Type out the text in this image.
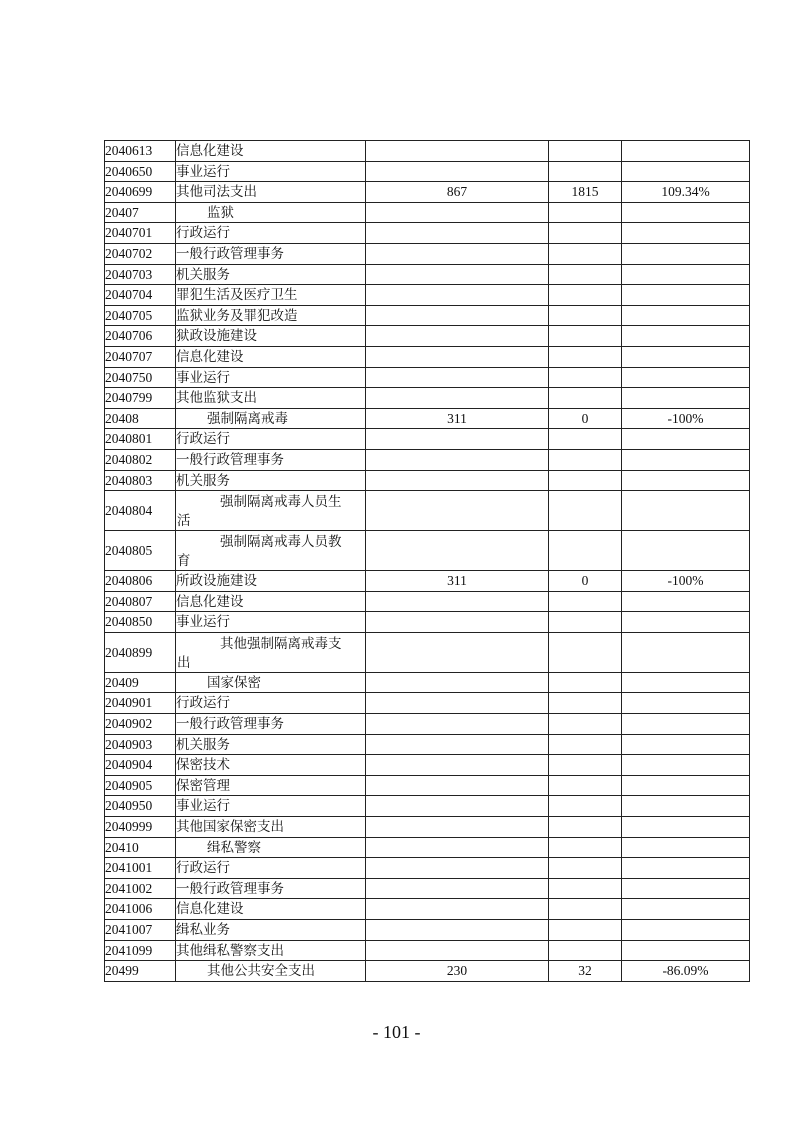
2040613	信息化建设			
2040650	事业运行			
2040699	其他司法支出	867	1815	109.34%
20407	监狱			
2040701	行政运行			
2040702	一般行政管理事务			
2040703	机关服务			
2040704	罪犯生活及医疗卫生			
2040705	监狱业务及罪犯改造			
2040706	狱政设施建设			
2040707	信息化建设			
2040750	事业运行			
2040799	其他监狱支出			
20408	强制隔离戒毒	311	0	-100%
2040801	行政运行			
2040802	一般行政管理事务			
2040803	机关服务			
2040804	强制隔离戒毒人员生
活			

2040805	强制隔离戒毒人员教
育			

2040806	所政设施建设	311	0	-100%
2040807	信息化建设			
2040850	事业运行			
2040899	其他强制隔离戒毒支
出			

20409	国家保密			
2040901	行政运行			
2040902	一般行政管理事务			
2040903	机关服务			
2040904	保密技术			
2040905	保密管理			
2040950	事业运行			
2040999	其他国家保密支出			
20410	缉私警察			
2041001	行政运行			
2041002	一般行政管理事务			
2041006	信息化建设			
2041007	缉私业务			
2041099	其他缉私警察支出			
20499	其他公共安全支出	230	32	-86.09%
- 101 -
